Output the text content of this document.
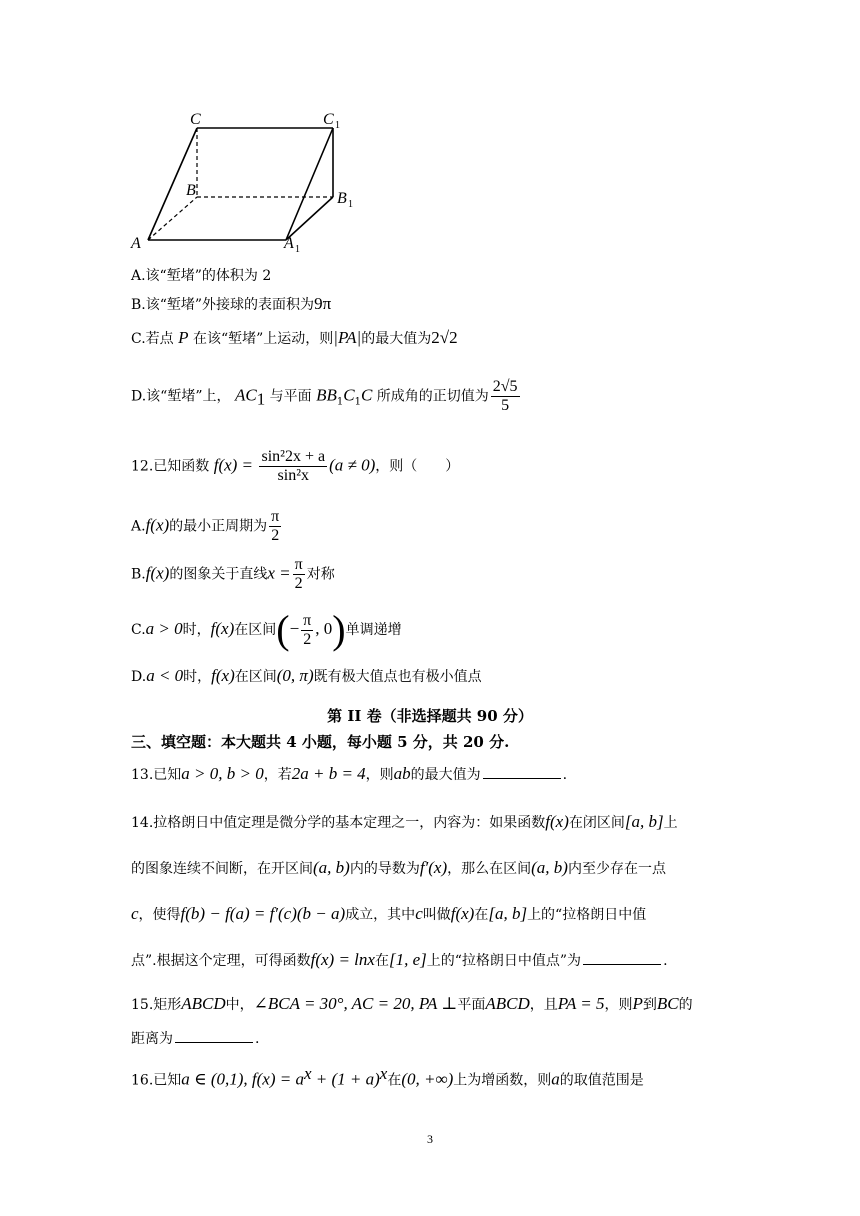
C	C 1
B	B 1
A	A 1
A.该“堑堵”的体积为 2
B.该“堑堵”外接球的表面积为9π
C.若点 P 在该“堑堵”上运动，则|PA|的最大值为2√2
D.该“堑堵”上， $AC_1$ 与平面 $BB_1C_1C$ 所成角的正切值为 $\frac{2√5}{5}$
12.已知函数 $f(x) = \frac{\text{sin²2x + a}}{\text{sin²x}} (a \ne 0)$，则（　　）
A.f(x)的最小正周期为 $\frac{\pi}{2}$
B.f(x)的图象关于直线$x = \frac{\pi}{2}$ 对称
C.a > 0时，f(x)在区间(− $\frac{\pi}{2}$ , 0)单调递增
D.a < 0时，f(x)在区间(0, π)既有极大值点也有极小值点
第 II 卷（非选择题共 90 分）
三、填空题：本大题共 4 小题，每小题 5 分，共 20 分.
13.已知a > 0, b > 0，若2a + b = 4，则ab的最大值为	.
14.拉格朗日中值定理是微分学的基本定理之一，内容为：如果函数f(x)在闭区间[a, b]上
的图象连续不间断，在开区间(a, b)内的导数为f′(x)，那么在区间(a, b)内至少存在一点
c，使得f(b) − f(a) = f′(c)(b − a)成立，其中c叫做f(x)在[a, b]上的“拉格朗日中值
点”.根据这个定理，可得函数f(x) = lnx在[1, e]上的“拉格朗日中值点”为	.
15.矩形ABCD中，∠BCA = 30°, AC = 20, PA ⊥平面ABCD，且PA = 5，则P到BC的
距离为	.
16.已知a ∈ (0,1), $f(x) = a^x + (1 + a)^x$在(0, +∞)上为增函数，则a的取值范围是
3
